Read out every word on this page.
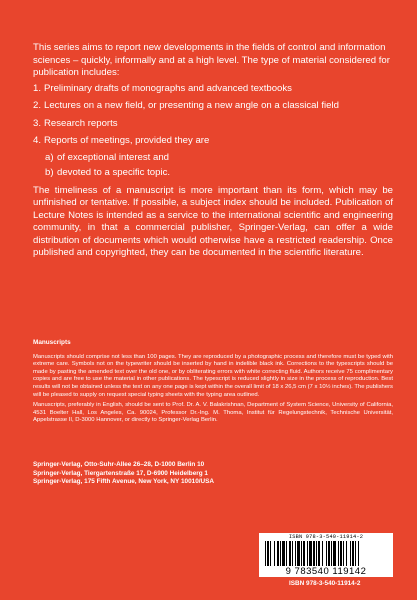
This series aims to report new developments in the fields of control and information sciences – quickly, informally and at a high level. The type of material considered for publication includes:

1. Preliminary drafts of monographs and advanced textbooks
2. Lectures on a new field, or presenting a new angle on a classical field
3. Research reports
4. Reports of meetings, provided they are
a) of exceptional interest and
b) devoted to a specific topic.

The timeliness of a manuscript is more important than its form, which may be unfinished or tentative. If possible, a subject index should be included. Publication of Lecture Notes is intended as a service to the international scientific and engineering community, in that a commercial publisher, Springer-Verlag, can offer a wide distribution of documents which would otherwise have a restricted readership. Once published and copyrighted, they can be documented in the scientific literature.

Manuscripts

Manuscripts should comprise not less than 100 pages. They are reproduced by a photographic process and therefore must be typed with extreme care. Symbols not on the typewriter should be inserted by hand in indelible black ink. Corrections to the typescripts should be made by pasting the amended text over the old one, or by obliterating errors with white correcting fluid. Authors receive 75 complimentary copies and are free to use the material in other publications. The typescript is reduced slightly in size in the process of reproduction. Best results will not be obtained unless the text on any one page is kept within the overall limit of 18 x 26,5 cm (7 x 10½ inches). The publishers will be pleased to supply on request special typing sheets with the typing area outlined.

Manuscripts, preferably in English, should be sent to Prof. Dr. A. V. Balakrishnan, Department of System Science, University of California, 4531 Boelter Hall, Los Angeles, Ca. 90024, Professor Dr.-Ing. M. Thoma, Institut für Regelungstechnik, Technische Universität, Appelstrasse II, D-3000 Hannover, or directly to Springer-Verlag Berlin.

Springer-Verlag, Otto-Suhr-Allee 26–28, D-1000 Berlin 10

Springer-Verlag, Tiergartenstraße 17, D-6900 Heidelberg 1

Springer-Verlag, 175 Fifth Avenue, New York, NY 10010/USA

ISBN 978-3-540-11914-2
9 783540 119142
ISBN 978-3-540-11914-2
